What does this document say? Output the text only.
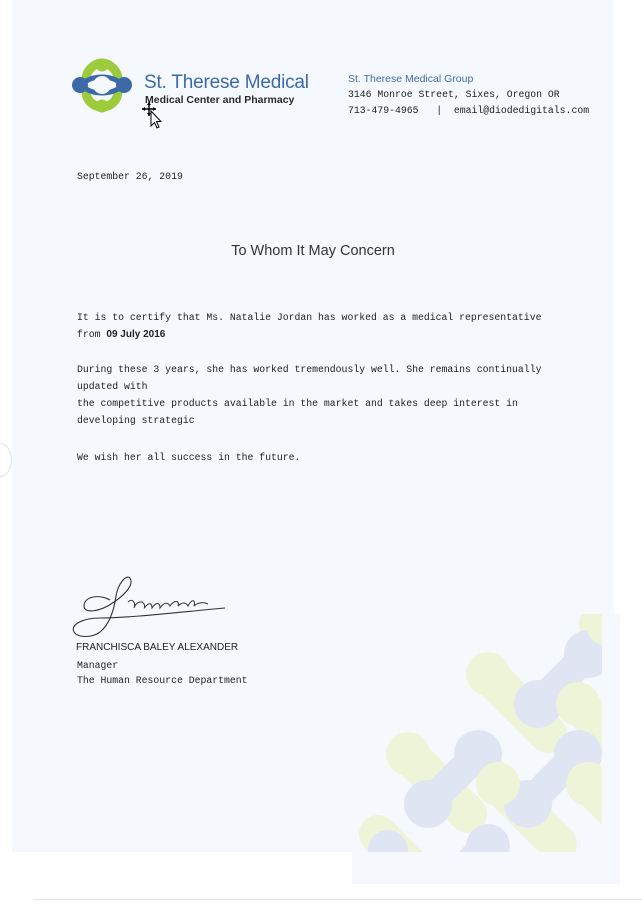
St. Therese Medical
Medical Center and Pharmacy
St. Therese Medical Group
3146 Monroe Street, Sixes, Oregon OR
713-479-4965 | email@diodedigitals.com
September 26, 2019
To Whom It May Concern
It is to certify that Ms. Natalie Jordan has worked as a medical representative from 09 July 2016
During these 3 years, she has worked tremendously well. She remains continually updated with
the competitive products available in the market and takes deep interest in developing strategic
We wish her all success in the future.
FRANCHISCA BALEY ALEXANDER
Manager
The Human Resource Department
